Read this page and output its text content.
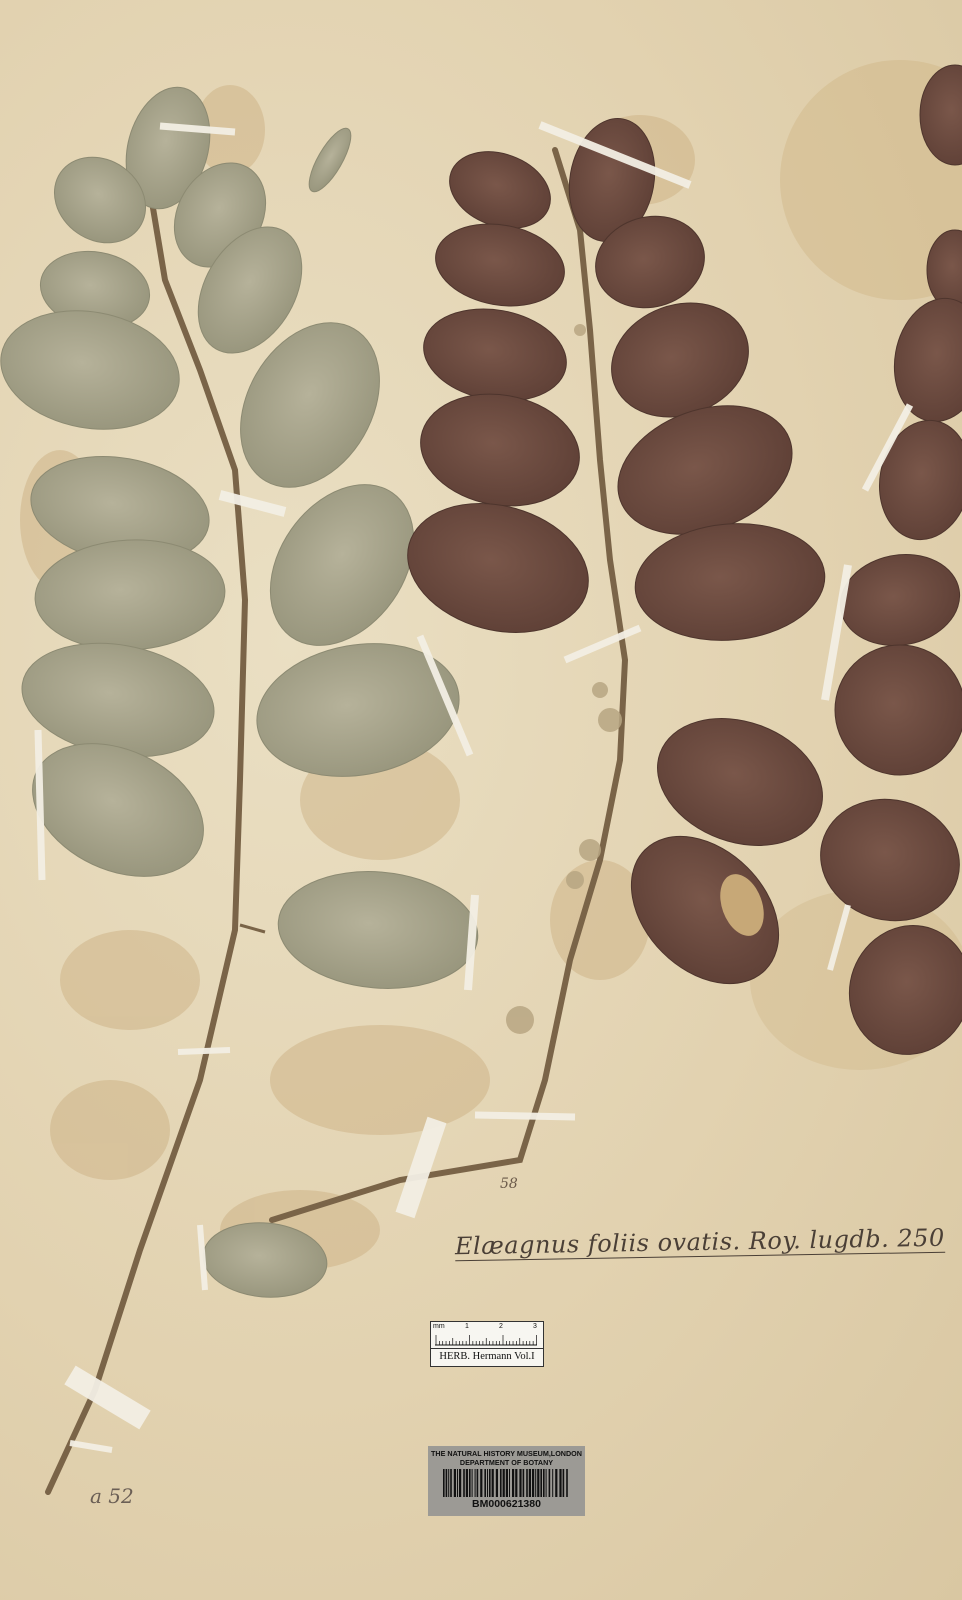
Elæagnus foliis ovatis. Roy. lugdb. 250
58
a 52
mm	1	2	3
HERB. Hermann Vol.I
THE NATURAL HISTORY MUSEUM,LONDON
DEPARTMENT OF BOTANY
BM000621380
